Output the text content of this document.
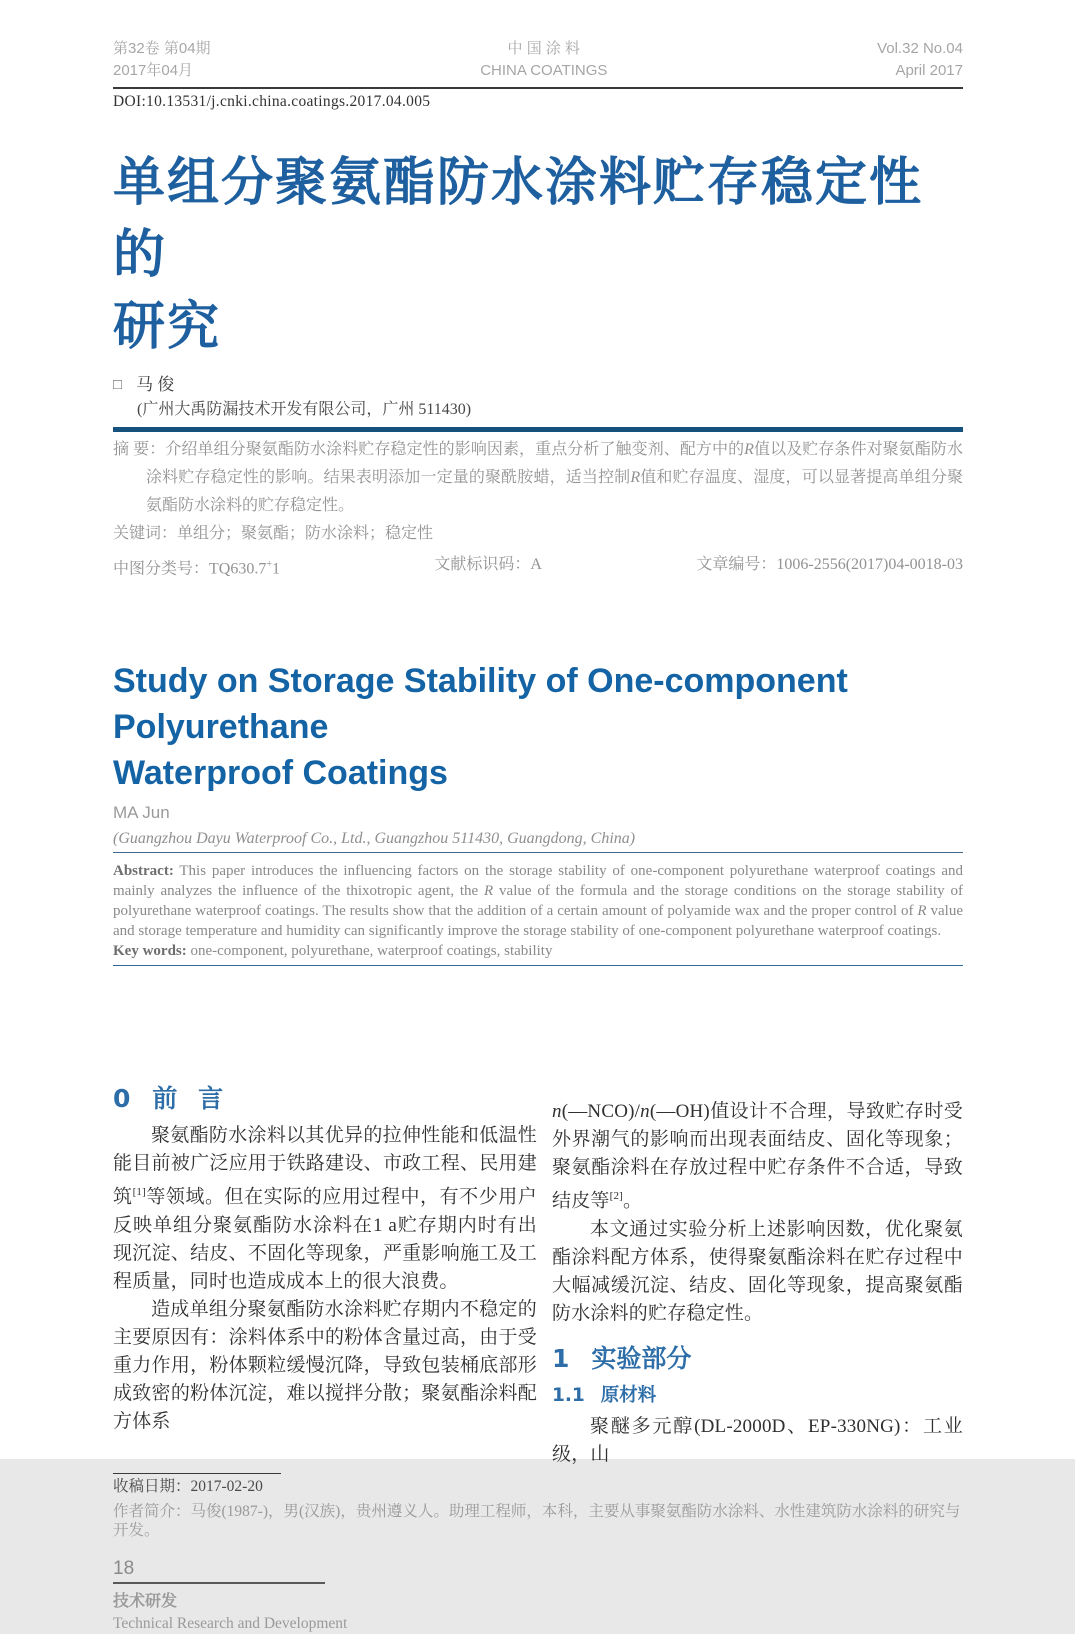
第32卷 第04期
2017年04月
中 国 涂 料
CHINA COATINGS
Vol.32 No.04
April 2017
DOI:10.13531/j.cnki.china.coatings.2017.04.005
单组分聚氨酯防水涂料贮存稳定性的
研究
□ 马 俊
(广州大禹防漏技术开发有限公司，广州 511430)
摘 要：介绍单组分聚氨酯防水涂料贮存稳定性的影响因素，重点分析了触变剂、配方中的R值以及贮存条件对聚氨酯防水涂料贮存稳定性的影响。结果表明添加一定量的聚酰胺蜡，适当控制R值和贮存温度、湿度，可以显著提高单组分聚氨酯防水涂料的贮存稳定性。
关键词：单组分；聚氨酯；防水涂料；稳定性
中图分类号：TQ630.7+1	文献标识码：A	文章编号：1006-2556(2017)04-0018-03
Study on Storage Stability of One-component Polyurethane
Waterproof Coatings
MA Jun
(Guangzhou Dayu Waterproof Co., Ltd., Guangzhou 511430, Guangdong, China)
Abstract: This paper introduces the influencing factors on the storage stability of one-component polyurethane waterproof coatings and mainly analyzes the influence of the thixotropic agent, the R value of the formula and the storage conditions on the storage stability of polyurethane waterproof coatings. The results show that the addition of a certain amount of polyamide wax and the proper control of R value and storage temperature and humidity can significantly improve the storage stability of one-component polyurethane waterproof coatings.
Key words: one-component, polyurethane, waterproof coatings, stability
0 前 言

聚氨酯防水涂料以其优异的拉伸性能和低温性能目前被广泛应用于铁路建设、市政工程、民用建筑[1]等领域。但在实际的应用过程中，有不少用户反映单组分聚氨酯防水涂料在1 a贮存期内时有出现沉淀、结皮、不固化等现象，严重影响施工及工程质量，同时也造成成本上的很大浪费。

造成单组分聚氨酯防水涂料贮存期内不稳定的主要原因有：涂料体系中的粉体含量过高，由于受重力作用，粉体颗粒缓慢沉降，导致包装桶底部形成致密的粉体沉淀，难以搅拌分散；聚氨酯涂料配方体系

n(—NCO)/n(—OH)值设计不合理，导致贮存时受外界潮气的影响而出现表面结皮、固化等现象；聚氨酯涂料在存放过程中贮存条件不合适，导致结皮等[2]。

本文通过实验分析上述影响因数，优化聚氨酯涂料配方体系，使得聚氨酯涂料在贮存过程中大幅减缓沉淀、结皮、固化等现象，提高聚氨酯防水涂料的贮存稳定性。

1 实验部分
1.1 原材料

聚醚多元醇(DL-2000D、EP-330NG)：工业级，山

收稿日期：2017-02-20
作者简介：马俊(1987-)，男(汉族)，贵州遵义人。助理工程师，本科，主要从事聚氨酯防水涂料、水性建筑防水涂料的研究与开发。
18
技术研发
Technical Research and Development
